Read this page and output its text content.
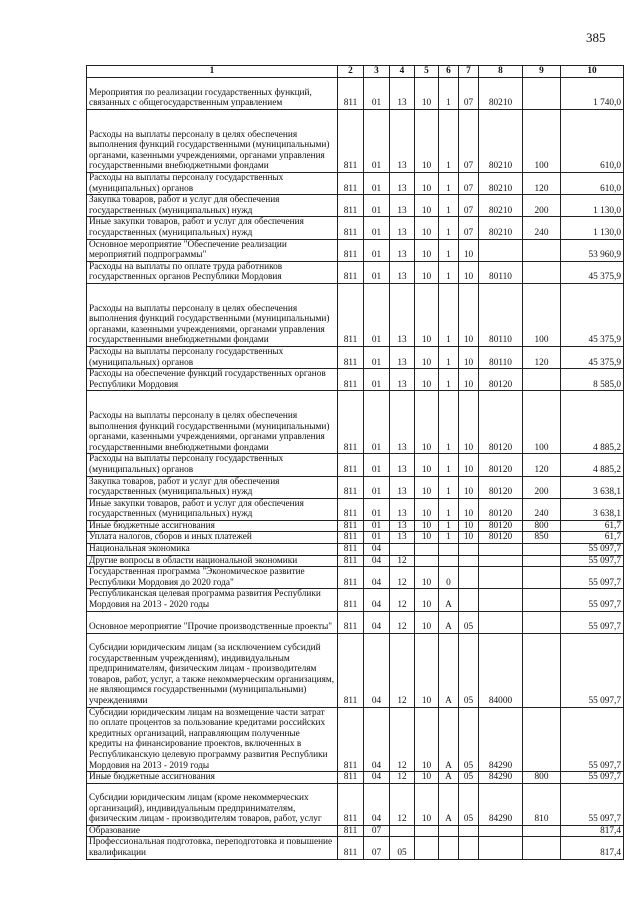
385
1	2	3	4	5	6	7	8	9	10
Мероприятия по реализации государственных функций, связанных с общегосударственным управлением	811	01	13	10	1	07	80210		1 740,0
Расходы на выплаты персоналу в целях обеспечения выполнения функций государственными (муниципальными) органами, казенными учреждениями, органами управления государственными внебюджетными фондами	811	01	13	10	1	07	80210	100	610,0
Расходы на выплаты персоналу государственных (муниципальных) органов	811	01	13	10	1	07	80210	120	610,0
Закупка товаров, работ и услуг для обеспечения государственных (муниципальных) нужд	811	01	13	10	1	07	80210	200	1 130,0
Иные закупки товаров, работ и услуг для обеспечения государственных (муниципальных) нужд	811	01	13	10	1	07	80210	240	1 130,0
Основное мероприятие "Обеспечение реализации мероприятий подпрограммы"	811	01	13	10	1	10			53 960,9
Расходы на выплаты по оплате труда работников государственных органов Республики Мордовия	811	01	13	10	1	10	80110		45 375,9
Расходы на выплаты персоналу в целях обеспечения выполнения функций государственными (муниципальными) органами, казенными учреждениями, органами управления государственными внебюджетными фондами	811	01	13	10	1	10	80110	100	45 375,9
Расходы на выплаты персоналу государственных (муниципальных) органов	811	01	13	10	1	10	80110	120	45 375,9
Расходы на обеспечение функций государственных органов Республики Мордовия	811	01	13	10	1	10	80120		8 585,0
Расходы на выплаты персоналу в целях обеспечения выполнения функций государственными (муниципальными) органами, казенными учреждениями, органами управления государственными внебюджетными фондами	811	01	13	10	1	10	80120	100	4 885,2
Расходы на выплаты персоналу государственных (муниципальных) органов	811	01	13	10	1	10	80120	120	4 885,2
Закупка товаров, работ и услуг для обеспечения государственных (муниципальных) нужд	811	01	13	10	1	10	80120	200	3 638,1
Иные закупки товаров, работ и услуг для обеспечения государственных (муниципальных) нужд	811	01	13	10	1	10	80120	240	3 638,1
Иные бюджетные ассигнования	811	01	13	10	1	10	80120	800	61,7
Уплата налогов, сборов и иных платежей	811	01	13	10	1	10	80120	850	61,7
Национальная экономика	811	04							55 097,7
Другие вопросы в области национальной экономики	811	04	12						55 097,7
Государственная программа "Экономическое развитие Республики Мордовия до 2020 года"	811	04	12	10	0				55 097,7
Республиканская целевая программа развития Республики Мордовия на 2013 - 2020 годы	811	04	12	10	А				55 097,7
Основное мероприятие "Прочие производственные проекты"	811	04	12	10	А	05			55 097,7
Субсидии юридическим лицам (за исключением субсидий государственным учреждениям), индивидуальным предпринимателям, физическим лицам - производителям товаров, работ, услуг, а также некоммерческим организациям, не являющимся государственными (муниципальными) учреждениями	811	04	12	10	А	05	84000		55 097,7
Субсидии юридическим лицам на возмещение части затрат по оплате процентов за пользование кредитами российских кредитных организаций, направляющим полученные кредиты на финансирование проектов, включенных в Республиканскую целевую программу развития Республики Мордовия на 2013 - 2019 годы	811	04	12	10	А	05	84290		55 097,7
Иные бюджетные ассигнования	811	04	12	10	А	05	84290	800	55 097,7
Субсидии юридическим лицам (кроме некоммерческих организаций), индивидуальным предпринимателям, физическим лицам - производителям товаров, работ, услуг	811	04	12	10	А	05	84290	810	55 097,7
Образование	811	07							817,4
Профессиональная подготовка, переподготовка и повышение квалификации	811	07	05						817,4
